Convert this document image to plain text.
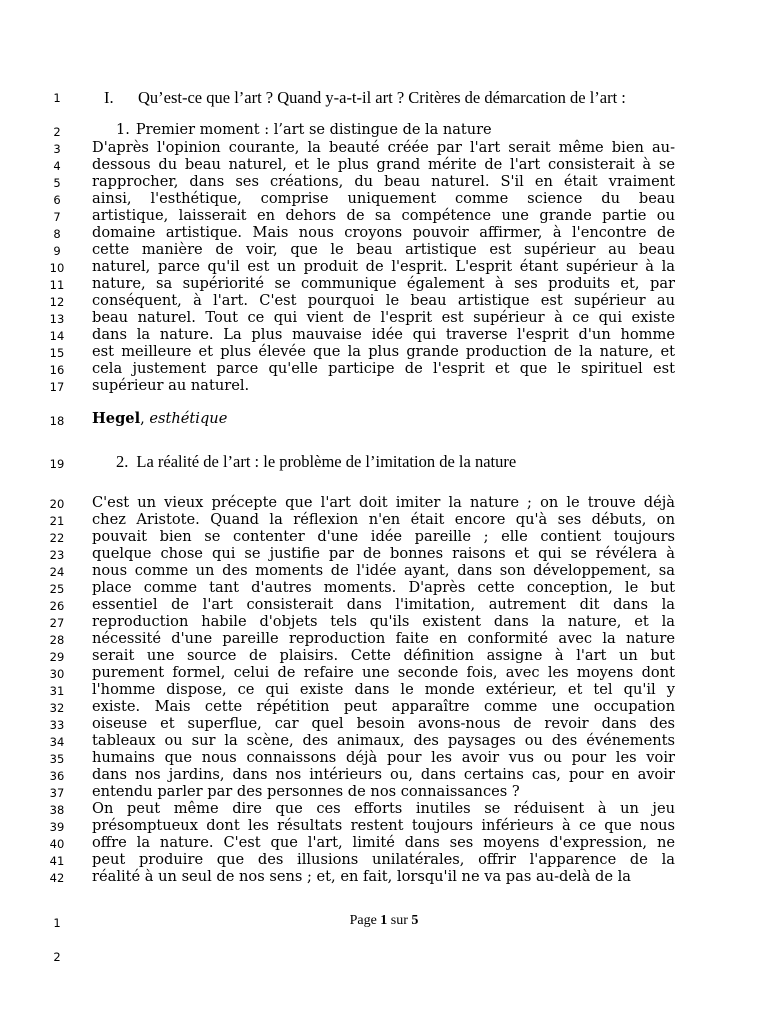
1	I. Qu’est-ce que l’art ? Quand y-a-t-il art ? Critères de démarcation de l’art :
2	1. Premier moment : l’art se distingue de la nature
3
4
5
6
7
8
9
10
11
12
13
14
15
16
17
D'après l'opinion courante, la beauté créée par l'art serait même bien au-
dessous du beau naturel, et le plus grand mérite de l'art consisterait à se
rapprocher, dans ses créations, du beau naturel. S'il en était vraiment
ainsi, l'esthétique, comprise uniquement comme science du beau
artistique, laisserait en dehors de sa compétence une grande partie ou
domaine artistique. Mais nous croyons pouvoir affirmer, à l'encontre de
cette manière de voir, que le beau artistique est supérieur au beau
naturel, parce qu'il est un produit de l'esprit. L'esprit étant supérieur à la
nature, sa supériorité se communique également à ses produits et, par
conséquent, à l'art. C'est pourquoi le beau artistique est supérieur au
beau naturel. Tout ce qui vient de l'esprit est supérieur à ce qui existe
dans la nature. La plus mauvaise idée qui traverse l'esprit d'un homme
est meilleure et plus élevée que la plus grande production de la nature, et
cela justement parce qu'elle participe de l'esprit et que le spirituel est
supérieur au naturel.
18	Hegel, esthétique
19	2. La réalité de l’art : le problème de l’imitation de la nature
20
21
22
23
24
25
26
27
28
29
30
31
32
33
34
35
36
37
38
39
40
41
42
C'est un vieux précepte que l'art doit imiter la nature ; on le trouve déjà
chez Aristote. Quand la réflexion n'en était encore qu'à ses débuts, on
pouvait bien se contenter d'une idée pareille ; elle contient toujours
quelque chose qui se justifie par de bonnes raisons et qui se révélera à
nous comme un des moments de l'idée ayant, dans son développement, sa
place comme tant d'autres moments. D'après cette conception, le but
essentiel de l'art consisterait dans l'imitation, autrement dit dans la
reproduction habile d'objets tels qu'ils existent dans la nature, et la
nécessité d'une pareille reproduction faite en conformité avec la nature
serait une source de plaisirs. Cette définition assigne à l'art un but
purement formel, celui de refaire une seconde fois, avec les moyens dont
l'homme dispose, ce qui existe dans le monde extérieur, et tel qu'il y
existe. Mais cette répétition peut apparaître comme une occupation
oiseuse et superflue, car quel besoin avons-nous de revoir dans des
tableaux ou sur la scène, des animaux, des paysages ou des événements
humains que nous connaissons déjà pour les avoir vus ou pour les voir
dans nos jardins, dans nos intérieurs ou, dans certains cas, pour en avoir
entendu parler par des personnes de nos connaissances ?
On peut même dire que ces efforts inutiles se réduisent à un jeu
présomptueux dont les résultats restent toujours inférieurs à ce que nous
offre la nature. C'est que l'art, limité dans ses moyens d'expression, ne
peut produire que des illusions unilatérales, offrir l'apparence de la
réalité à un seul de nos sens ; et, en fait, lorsqu'il ne va pas au-delà de la
1	Page 1 sur 5
2
